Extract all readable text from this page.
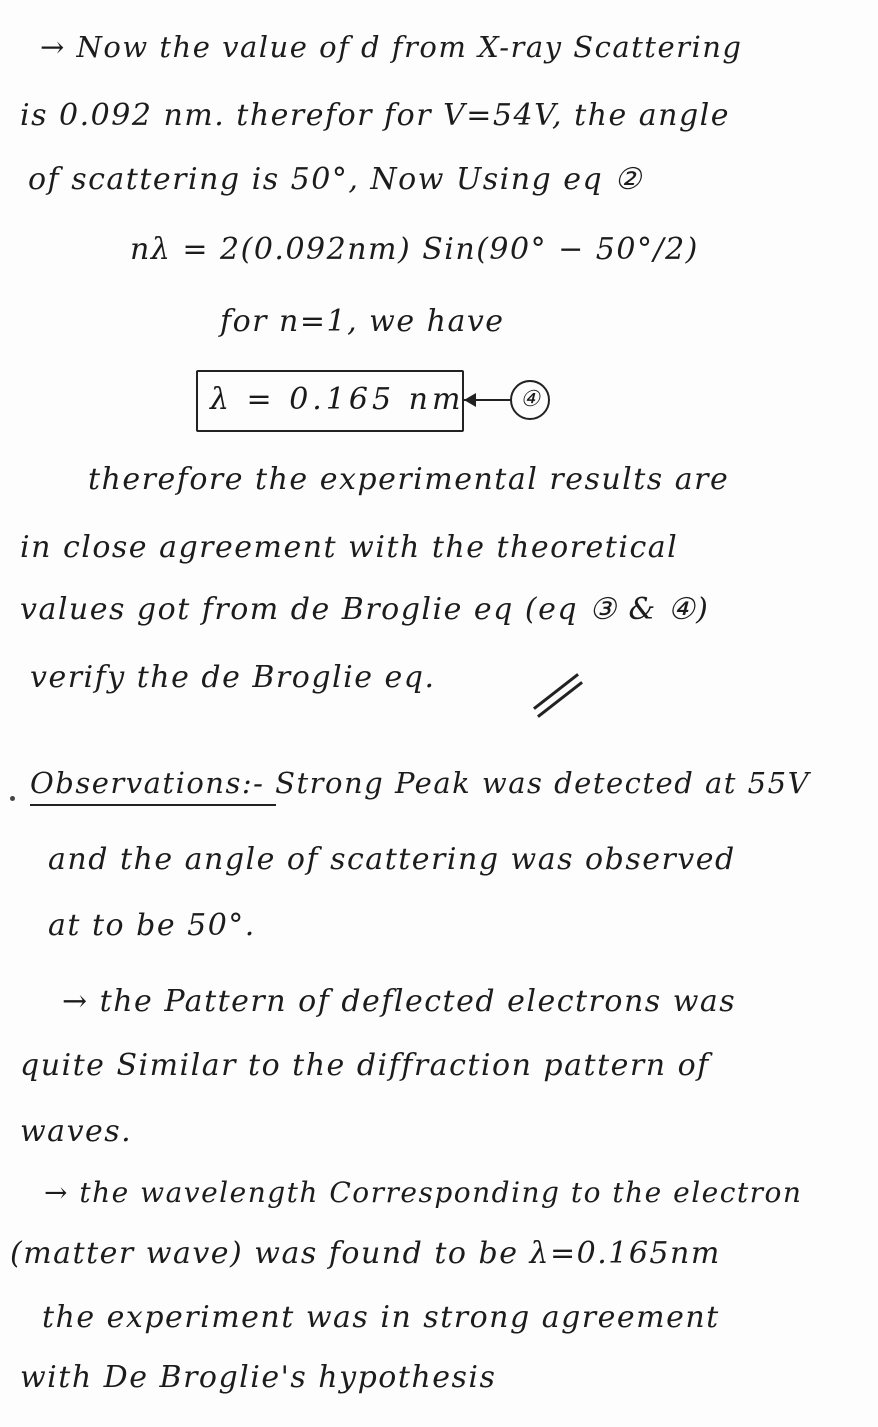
→ Now the value of d from X-ray Scattering
is 0.092 nm. therefor for V=54V, the angle
of scattering is 50°, Now Using eq ②
nλ = 2(0.092nm) Sin(90° − 50°/2)
for n=1, we have
λ = 0.165 nm	④
therefore the experimental results are
in close agreement with the theoretical
values got from de Broglie eq (eq ③ & ④)
verify the de Broglie eq.
Observations:- Strong Peak was detected at 55V
and the angle of scattering was observed
at to be 50°.
→ the Pattern of deflected electrons was
quite Similar to the diffraction pattern of
waves.
→ the wavelength Corresponding to the electron
(matter wave) was found to be λ=0.165nm
the experiment was in strong agreement
with De Broglie's hypothesis
